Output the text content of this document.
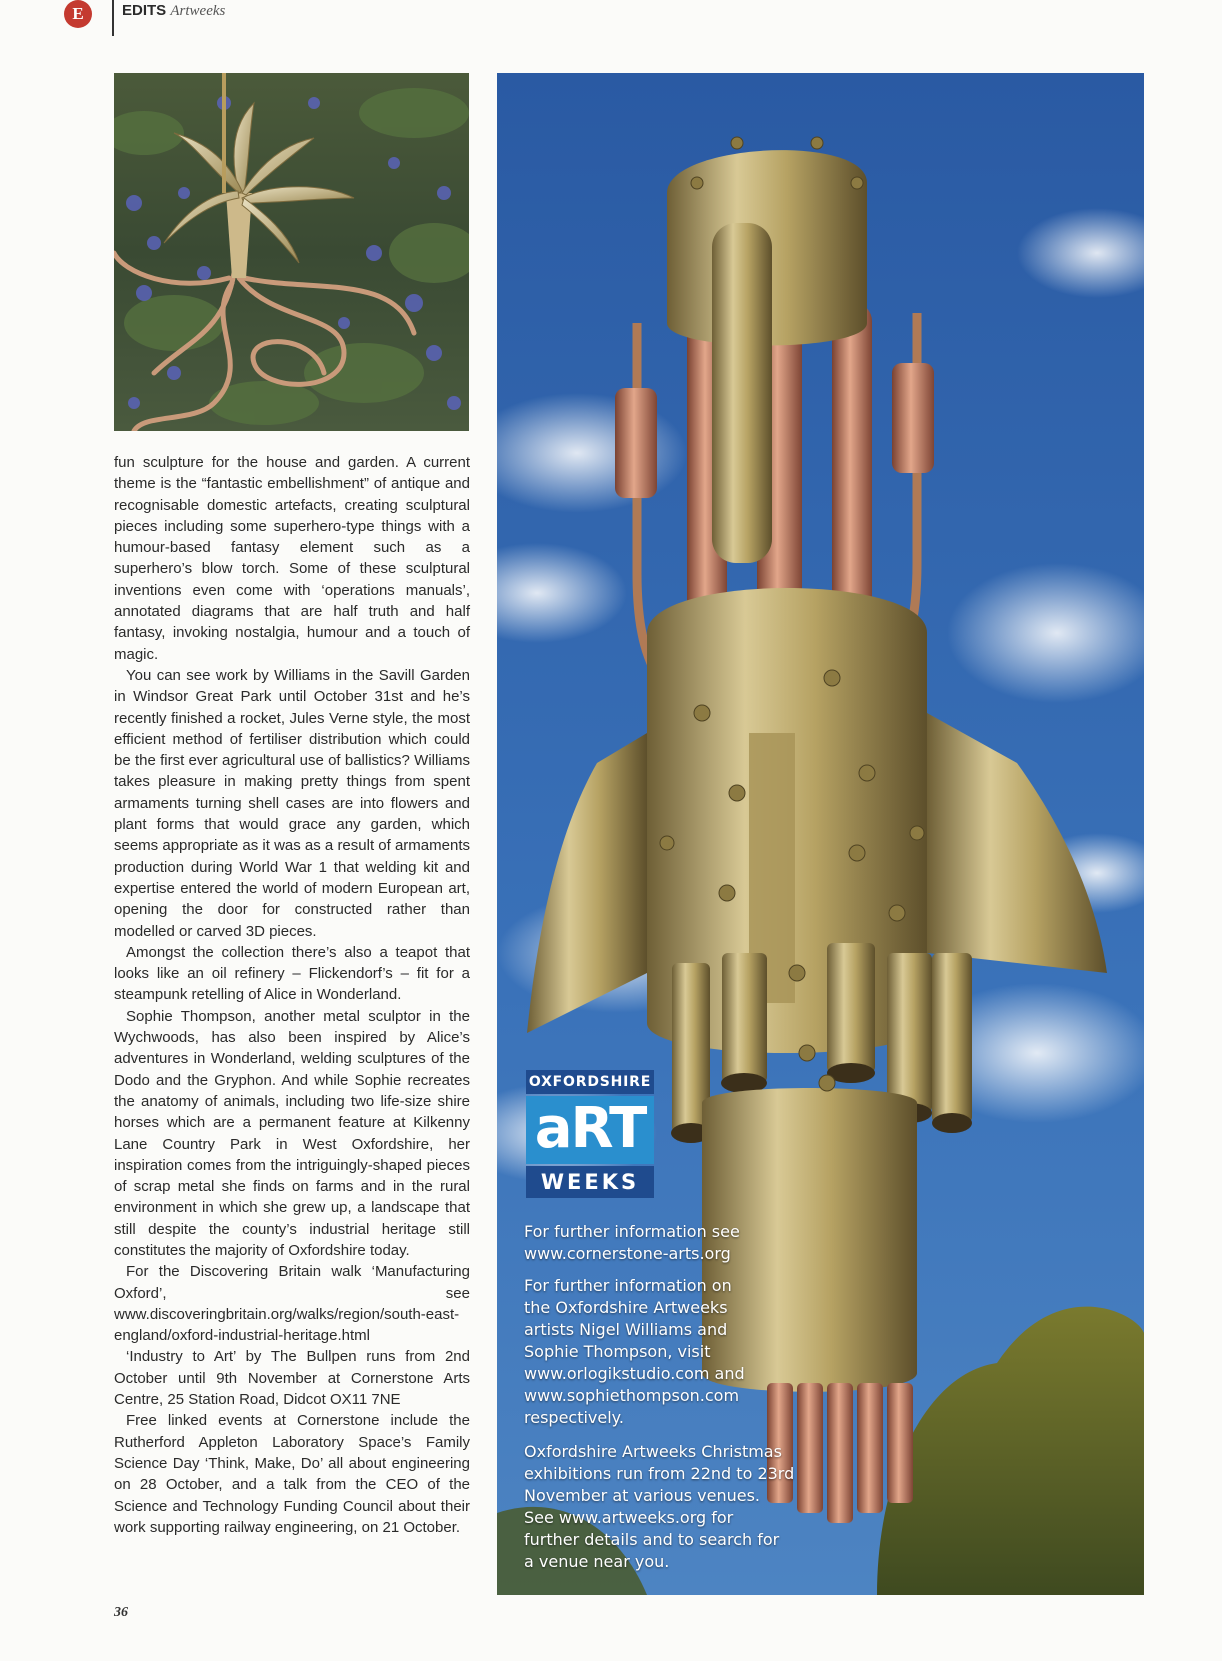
E	EDITS Artweeks

fun sculpture for the house and garden. A current theme is the “fantastic embellishment” of antique and recognisable domestic artefacts, creating sculptural pieces including some superhero-type things with a humour-based fantasy element such as a superhero’s blow torch. Some of these sculptural inventions even come with ‘operations manuals’, annotated diagrams that are half truth and half fantasy, invoking nostalgia, humour and a touch of magic.

You can see work by Williams in the Savill Garden in Windsor Great Park until October 31st and he’s recently finished a rocket, Jules Verne style, the most efficient method of fertiliser distribution which could be the first ever agricultural use of ballistics? Williams takes pleasure in making pretty things from spent armaments turning shell cases are into flowers and plant forms that would grace any garden, which seems appropriate as it was as a result of armaments production during World War 1 that welding kit and expertise entered the world of modern European art, opening the door for constructed rather than modelled or carved 3D pieces.

Amongst the collection there’s also a teapot that looks like an oil refinery – Flickendorf’s – fit for a steampunk retelling of Alice in Wonderland.

Sophie Thompson, another metal sculptor in the Wychwoods, has also been inspired by Alice’s adventures in Wonderland, welding sculptures of the Dodo and the Gryphon. And while Sophie recreates the anatomy of animals, including two life-size shire horses which are a permanent feature at Kilkenny Lane Country Park in West Oxfordshire, her inspiration comes from the intriguingly-shaped pieces of scrap metal she finds on farms and in the rural environment in which she grew up, a landscape that still despite the county’s industrial heritage still constitutes the majority of Oxfordshire today.

For the Discovering Britain walk ‘Manufacturing Oxford’, see www.discoveringbritain.org/walks/region/south-east-england/oxford-industrial-heritage.html

‘Industry to Art’ by The Bullpen runs from 2nd October until 9th November at Cornerstone Arts Centre, 25 Station Road, Didcot OX11 7NE

Free linked events at Cornerstone include the Rutherford Appleton Laboratory Space’s Family Science Day ‘Think, Make, Do’ all about engineering on 28 October, and a talk from the CEO of the Science and Technology Funding Council about their work supporting railway engineering, on 21 October.

36
OXFORDSHIRE
aRT
WEEKS
For further information see
www.cornerstone-arts.org
For further information on
the Oxfordshire Artweeks
artists Nigel Williams and
Sophie Thompson, visit
www.orlogikstudio.com and
www.sophiethompson.com
respectively.
Oxfordshire Artweeks Christmas
exhibitions run from 22nd to 23rd
November at various venues.
See www.artweeks.org for
further details and to search for
a venue near you.
